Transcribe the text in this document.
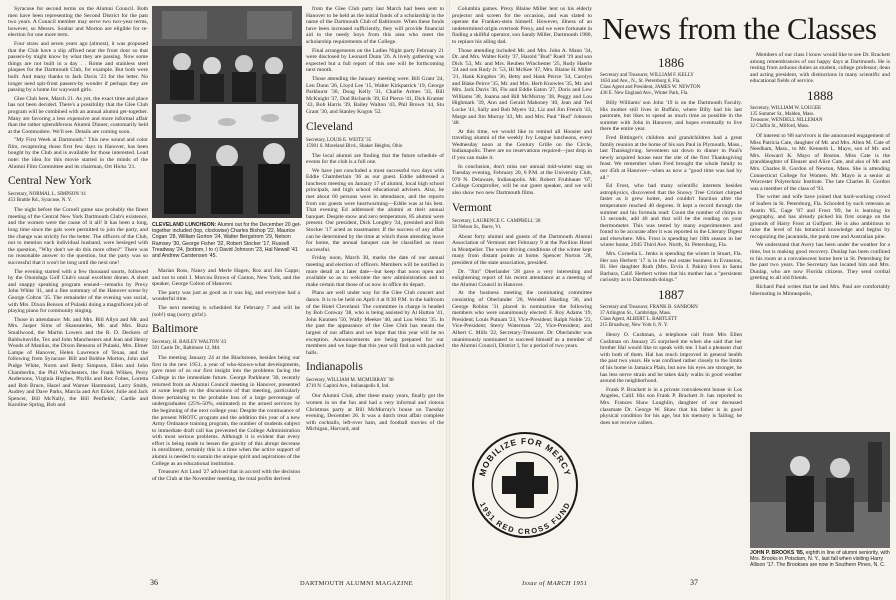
Syracuse for second terms on the Alumni Council. Both men have been representing the Second District for the past two years. A Council member may serve two two-year terms, however, so Messrs. Sonbar and Morton are eligible for re-election for one more term.

Four straw and seven years ago (almost), it was proposed that the Club have a slip affixed near the front door so that passers-by might know by what they are passing. Now some things are not built in a day . . Rome and stainless steel plaques for the Dartmouth Club, for example. But both were built. And many thanks to Jack Davis '23 for the letter. No longer need spit-front passers-by wonder if perhaps they are passing by a home for wayward girls.

Glee Club here, March 21. As yet, the exact time and place has not been decided. There's a possibility that the Glee Club program will be combined with an annual alumni get-together. Many are favoring a less expensive and more informal affair than the rather splendiferous Alumni Dinner, customarily held at the Commodore. We'll see. Details are coming soon.

"My First Week at Dartmouth." This new sound and color film, recapturing those first few days in Hanover, has been bought by the Club and is available for those interested. Lead note: the idea for this movie started in the minds of the Alumni Film Committee and its chairman, Ort Hicks '21.

Central New York
Secretary, NORMAL L. SIMPSON '41
453 Brattle Rd., Syracuse, N. Y.

The night before the Cornell game saw probably the finest meeting of the Central New York Dartmouth Club's existence, and the women were the cause of it all! It has been a long, long time since the gals were permitted to join the party, and the change was strictly for the better. The officers of the Club, not to mention each individual husband, were besieged with the question, "Why don't we do this more often?" There was no reasonable answer to the question, but the party was so successful that it won't be long until the next one!

The evening started with a few thousand snorts, followed by the Onondaga Golf Club's usual excellent dinner. A short and snappy speaking program ensued—remarks by Prexy John White '41, and a fine summary of the Hanover scene by George Colton '35. The remainder of the evening was social, with Mrs. Dixon Benson of Pulaski doing a magnificent job of playing piano for community singing.

Those in attendance: Mr. and Mrs. Bill Allyn and Mr. and Mrs. Jasper Sims of Skaneateles, Mr. and Mrs. Buzz Smallwood, the Martin Lowers and the R. D. Deckers of Baldwinsville, Tex and John Manchesters and Jean and Henry Woods of Manlius, the Dixon Bensons of Pulaski, Mrs. Elmer Lampe of Hanover, Helen Lawrence of Texas, and the following from Syracuse: Bill and Bobbie Morton, John and Pudge White, Norm and Betty Simpson, Ellen and John Chamberlin, the Phil Winchesters, the Frank Wilkes, Perry Andersons, Virginia Hughes, Phyllis and Rex Fobes, Loretta and Bob Bruce, Hazel and Warner Hammond, Larry Smith, Audrey and Dave Parks, Marcia and Art Ecker, Julie and Jack Spencer, Bill McNally, the Bill Penfields', Cardie and Karoline Spring, Bob and

CLEVELAND LUNCHEON: Alumni out for the December 20 get-together included (top, clockwise) Charles Bishop '22, Maurice Cogan '28, William Gorton '24, Walter Bergstrom '29, Nelson Ramsey '30, George Fisher '32, Robert Stocker '17, Russell Treadway '24, (bottom, l to r) David Johnson '23, Hal Newall '41 and Andrew Carstensen '45.

Marian Ross, Nancy and Merle Hagen, Roz and Jim Capps; and not to omit J. Morcou Brown of Canton, New York, and the speaker, George Colton of Hanover.

The party was just as good as it was big, and everyone had a wonderful time.

The next meeting is scheduled for February 7 and will be (sob!) stag (sorry girls!).

Baltimore
Secretary, H. BAILEY WALTON '43
501 Castle Dr., Baltimore 12, Md.

The meeting January 24 at the Blackstone, besides being our first in the new 1951, a year of who-knows-what developments, gave most of us our first insight into the problems facing the College in the immediate future. George Parkhurst '30, recently returned from an Alumni Council meeting in Hanover, presented at some length on the discussions of that meeting, particularly those pertaining to the probable loss of a large percentage of undergraduates (25%-50%, estimated) to the armed services by the beginning of the next college year. Despite the continuance of the present NROTC program and the addition this year of a new Army Ordnance training program, the number of students subject to immediate draft call has prevented the College Administration with most serious problems. Although it is evident that every effort is being made to lessen the gravity of this abrupt decrease in enrollment, certainly this is a time when the active support of alumni is needed to sustain the unique spirit and aspirations of the College as an educational institution.

Treasurer Art Lund '27 advised that in accord with the decision of the Club at the November meeting, the total profits derived

from the Glee Club party last March had been sent to Hanover to be held as the initial funds of a scholarship in the name of the Dartmouth Club of Baltimore. When these funds have been increased sufficiently, they will provide financial aid to the needy boys from this area who meet the scholarship requirements of the College.

Final arrangements on the Ladies Night party February 21 were disclosed by Leonard Dunn '26. A lively gathering was expected but a full report of this one will be forthcoming next month.

Those attending the January meeting were: Bill Grant '24, Len Dunn '26, Lloyd Lee '15, Walter Kirkpatrick '19, George Parkhurst '30, Doug Kelly '31, Charlie Armes '33, Bill McKnight '37, Dud Richards '39, Ed Pierce '41, Dick Kramer '43, Bob Harris '39, Bailey Walton '43, Phil Brown '44, Stu Grant '30, and Stanley Kogon '52.

Cleveland
Secretary, LOUIS E. WEITZ '35
15901 S. Moreland Blvd., Shaker Heights, Ohio

The local alumni are finding that the future schedule of events for the club is a full one.

We have just concluded a most successful two days with Eddie Chamberlain '36 as our guest. Eddie addressed a luncheon meeting on January 17 of alumni, local high school principals, and high school educational advisers. Also, he met about 60 persons were in attendance, and the reports from our guests were heartwarming—Eddie was at his best. That evening Ed addressed the alumni at their annual banquet. Despite snow and zero temperature, 85 alumni were present. Our president, Dick Longbry '34, presided and Bob Stocker '17 acted as toastmaster. If the success of any affair can be determined by the time at which those attending leave for home, the annual banquet can be classified as most successful.

Friday noon, March 30, marks the date of our annual meeting and election of officers. Members will be notified in more detail at a later date—but keep that noon open and available so as to welcome the new administration and to make certain that those of us now in office do depart.

Plans are well under way for the Glee Club concert and dance. It is to be held on April 4 at 8:30 P.M. in the ballroom of the Hotel Cleveland. The committee in charge is headed by Bob Conway '38, who is being assisted by Al Hutton '41, John Knutsen '50, Wally Meeker '40, and Lou Weitz '35. In the past the appearance of the Glee Club has meant the largest of our affairs and we hope that this year will be no exception. Announcements are being prepared for our members and we hope that this year will find us with packed halls.

Indianapolis
Secretary, WILLIAM M. MCMURRAY '38
4710 N. Capitol Ave., Indianapolis 8, Ind.

Our Alumni Club, after these many years, finally got the women in on the fun and had a very informal and riotous Christmas party at Bill McMurray's house on Tuesday evening, December 26. It was a dutch treat affair complete with cocktails, left-over ham, and football movies of the Michigan, Harvard, and

36	DARTMOUTH ALUMNI MAGAZINE
News from the Classes

Columbia games. Prexy Blaine Miller lent us his elderly projector and screen for the occasion, and was slated to operate the Franken-stein himself. However, illness of an undetermined origin overtook Prexy, and we were fortunate in finding a skillful operator, son Sandy Miller, Dartmouth 1980, to replace his ailing dad.

Those attending included Mr. and Mrs. John A. Mann '34, Dr. and Mrs. Walter Kelly '37, Harold "Bud" Ruell '19 and son Dick '53, Mr. and Mrs. Reuben Winchester '25, Rudy Haerle '24 and son Rudy Jr. '53, Hi McKee '47, Mrs. Blaine H. Miller '21, Hank Kingdon '36, Betty and Hank Peirce '34, Carolyn and Blake Peirce '35, Mr. and Mrs. Herb Knowles '35, Mr. and Mrs. Jack Davis '36, Flo and Eddie Eaton '27, Doris and Lew Williams '38, Joanna and Bill McMurray '38, Peggy and Lou Highmark '39, Ann and Gerald Mahoney '40, Jean and Ted Locke '41, Sally and Bob Myers '42, Liz and Jim French '43, Marge and Jim Murray '43, Mr. and Mrs. Paul "Bud" Johnson '48.

At this time, we would like to remind all Hoosier and traveling alumni of the weekly Ivy League luncheons, every Wednesday noon at the Century Grille on the Circle, Indianapolis. There are no reservations required—just drop in if you can make it.

In conclusion, don't miss our annual mid-winter stag on Tuesday evening, February 20, 6 P.M. at the University Club, 970 N. Delaware, Indianapolis. Mr. Robert Fruhbauer '07, College Comptroller, will be our guest speaker, and we will also show two new Dartmouth films.

Vermont
Secretary, LAURENCE C. CAMPBELL '28
50 Nelson St., Barre, Vt.

About forty alumni and guests of the Dartmouth Alumni Association of Vermont met February 9 at the Pavilion Hotel in Montpelier. The worst driving conditions of the winter kept many from distant points at home. Spencer Norton '28, president of the state association, presided.

Dr. "Jim" Oberlander '28 gave a very interesting and enlightening report of his recent attendance at a meeting of the Alumni Council in Hanover.

At the business meeting the nominating committee consisting of Oberlander '26, Wendell Harding '36, and George Robins '31 placed in nomination the following members who were unanimously elected: F. Roy Adams '19, President; Louis Putnam '23, Vice-President; Ralph Noble '23, Vice-President; Sterry Waterman '22, Vice-President; and Albert C. Mills '22, Secretary-Treasurer. Dr. Oberlander was unanimously nominated to succeed himself as a member of the Alumni Council, District I, for a period of two years.

MOBILIZE FOR MERCY
1951 RED CROSS FUND
1886
Secretary and Treasurer, WILLIAM F. KELLY
1650 and Ave., N., St. Petersburg 6, Fla.
Class Agent and President, JAMES W. NEWTON
436 E. New England Ave., Winter Park, Fla.

Billy Williams' son John '19 is on the Dartmouth Faculty. His mother still lives in Buffalo, where Billy had his last pastorate, but likes to spend as much time as possible in the summer with John in Hanover, and hopes eventually to live there the entire year.

Fred Bittinger's children and grandchildren had a great family reunion at the home of his son Paul in Plymouth, Mass., last Thanksgiving. Seventeen sat down to dinner in Paul's newly acquired house near the site of the first Thanksgiving feast. We remember when Fred brought the whole family to our 45th at Hanover—when as now a "good time was had by all."

Ed Frost, who had many scientific interests besides astrophysics, discovered that the Snowy Tree Cricket chirped faster as it grew hotter, and couldn't function after the temperature reached 40 degrees. It kept a record through the summer and his formula read: Count the number of chirps in 13 seconds, add 40 and that will be the reading on your thermometer. This was tested by many experimenters and found to be accurate after it was reported in the Literary Digest and elsewhere. Mrs. Frost is spending her 18th season in her winter home, 2945 Third Ave. North, St. Petersburg, Fla.

Mrs. Cornelia L. Jenks is spending the winter in Stuart, Fla. Her son Herbert '17 is in the real estate business in Evanston, Ill. Her daughter Ruth (Mrs. Ervin J. Pakin) lives in Santa Barbara, Calif. Herbert writes that his mother has a "persistent curiosity as to Dartmouth doings."

1887
Secretary and Treasurer, FRANK B. SANBORN
37 Arlington St., Cambridge, Mass.
Class Agent, ALBERT L. BARTLETT
215 Broadway, New York 6, N. Y.

Henry O. Cushman, a telephone call from Mrs Ellen Cushman on January 25 surprised me when she said that her brother Hal would like to speak with me. I had a pleasant chat with both of them. Hal has much improved in general health the past two years. He was confined rather closely to the limits of his home in Jamaica Plain, but now his eyes are stronger, he has less nerve strain and he takes daily walks in good weather around the neighborhood.

Frank P. Brackett is in a private convalescent house in Los Angeles, Calif. His son Frank P. Brackett Jr. has reported to Mrs. Frances Shaw Loughlin, daughter of our deceased classmate Dr. George W. Shaw that his father is in good physical condition for his age, but his memory is failing; he does not receive callers.

Members of our class I know would like to see Dr. Brackett among remembrances of our happy days at Dartmouth. He is resting from arduous duties as student, college professor, dean and acting president, with distinctions in many scientific and educational fields of service.

1888
Secretary, WILLIAM W. LOUGEE
135 Summer St., Malden, Mass.
Treasurer, WENDELL NILLEMAN
32 Claflin St., Milford, Mass.

Of interest to '88 survivors is the announced engagement of Miss Patricia Cate, daughter of Mr. and Mrs. Allen M. Cate of Needham, Mass., to Mr. Kenneth L. Mayo, son of Mr. and Mrs. Howard K. Mayo of Boston. Miss Cate is the granddaughter of Eleazer and Alice Cate, and also of Mr. and Mrs. Charles B. Gordon of Newton, Mass. She is attending Connecticut College for Women. Mr. Mayo is a senior at Worcester Polytechnic Institute. The late Charles B. Gordon was a member of the class of '93.

The writer and wife have joined that hard-working crowd of loafers in St. Petersburg, Fla. Schooled by such veterans as Austin '85, Gage '87 and Frost '89, he is learning its geography, and has already picked his first orange on the grounds of Harry Frost at Gulfport. He is also ambitious to raise the level of his botanical knowledge and begins by recognizing the jacaranda, the punk tree and Australian pine.

We understand that Avery has been under the weather for a time, but is making good recovery. Dunlap has been confined to his room at a convalescent home here in St. Petersburg for the past two years. The Secretary has located him and Mrs. Dunlap, who are now Florida citizens. They send cordial greeting to all old friends.

Richard Paul writes that he and Mrs. Paul are comfortably hibernating in Minneapolis,

JOHN P. BROOKS '85, eighth in line of alumni seniority, with Mrs. Brooks in Potsdam, N. Y., last fall when visiting Harry Allison '17. The Brookses are now in Southern Pines, N. C.
Issue of MARCH 1951	37
